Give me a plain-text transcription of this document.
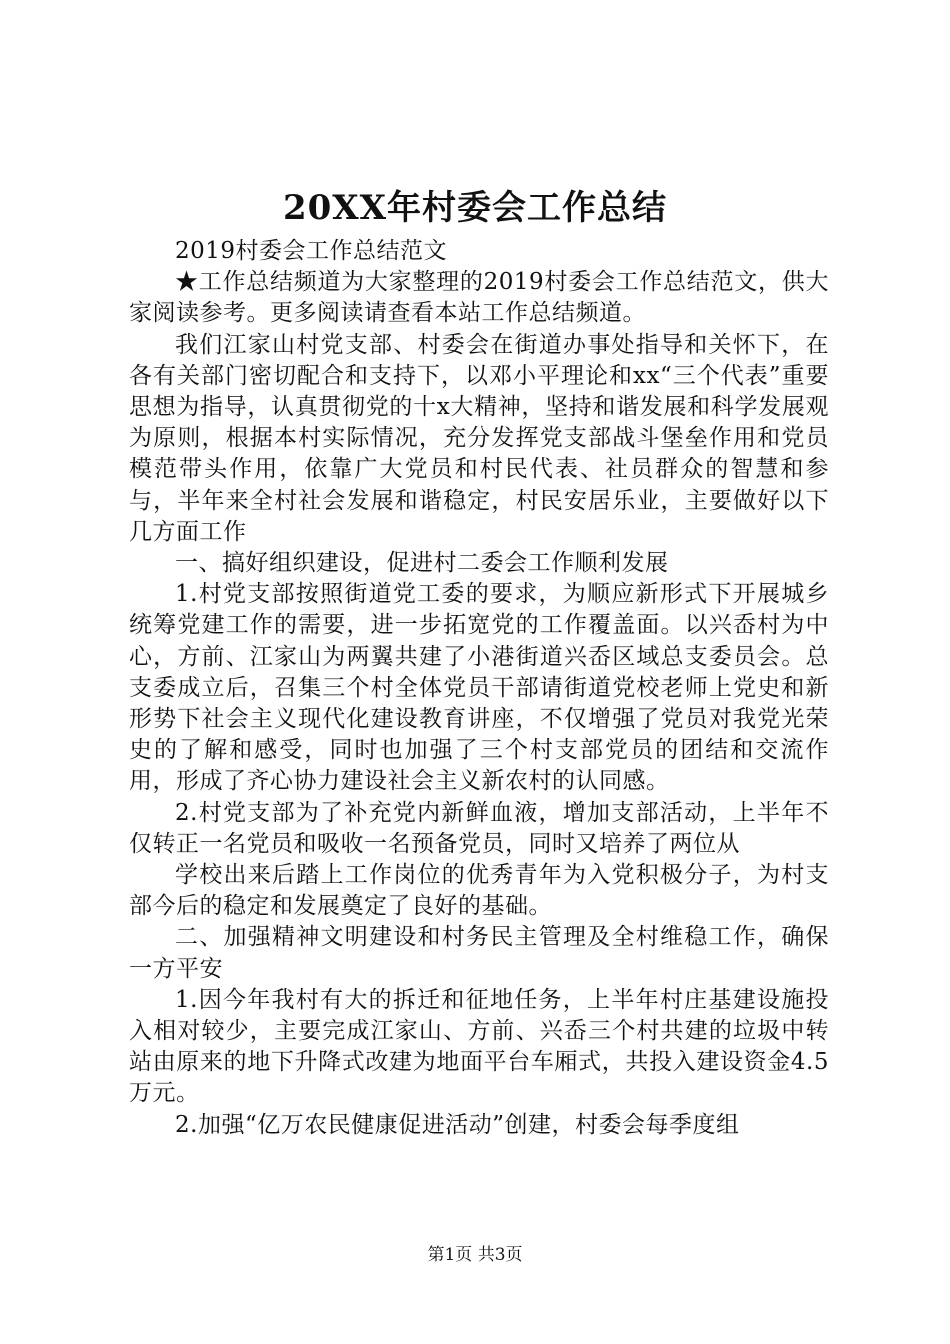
20XX年村委会工作总结

2019村委会工作总结范文

★工作总结频道为大家整理的2019村委会工作总结范文，供大家阅读参考。更多阅读请查看本站工作总结频道。

我们江家山村党支部、村委会在街道办事处指导和关怀下，在各有关部门密切配合和支持下，以邓小平理论和xx“三个代表”重要思想为指导，认真贯彻党的十x大精神，坚持和谐发展和科学发展观为原则，根据本村实际情况，充分发挥党支部战斗堡垒作用和党员模范带头作用，依靠广大党员和村民代表、社员群众的智慧和参与，半年来全村社会发展和谐稳定，村民安居乐业，主要做好以下几方面工作

一、搞好组织建设，促进村二委会工作顺利发展

1.村党支部按照街道党工委的要求，为顺应新形式下开展城乡统筹党建工作的需要，进一步拓宽党的工作覆盖面。以兴岙村为中心，方前、江家山为两翼共建了小港街道兴岙区域总支委员会。总支委成立后，召集三个村全体党员干部请街道党校老师上党史和新形势下社会主义现代化建设教育讲座，不仅增强了党员对我党光荣史的了解和感受，同时也加强了三个村支部党员的团结和交流作用，形成了齐心协力建设社会主义新农村的认同感。

2.村党支部为了补充党内新鲜血液，增加支部活动，上半年不仅转正一名党员和吸收一名预备党员，同时又培养了两位从

学校出来后踏上工作岗位的优秀青年为入党积极分子，为村支部今后的稳定和发展奠定了良好的基础。

二、加强精神文明建设和村务民主管理及全村维稳工作，确保一方平安

1.因今年我村有大的拆迁和征地任务，上半年村庄基建设施投入相对较少，主要完成江家山、方前、兴岙三个村共建的垃圾中转站由原来的地下升降式改建为地面平台车厢式，共投入建设资金4.5万元。

2.加强“亿万农民健康促进活动”创建，村委会每季度组

第1页 共3页
